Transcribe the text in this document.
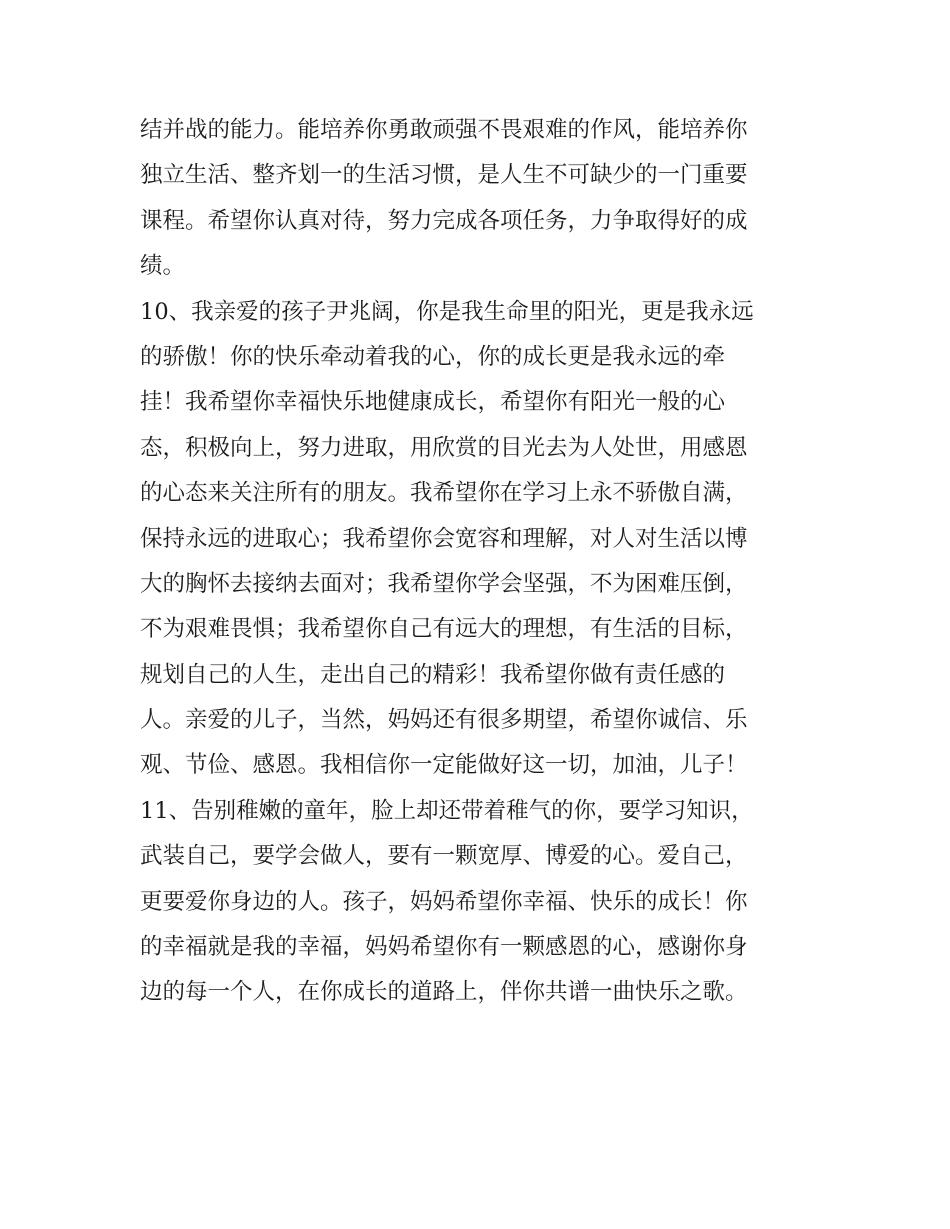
结并战的能力。能培养你勇敢顽强不畏艰难的作风，能培养你
独立生活、整齐划一的生活习惯，是人生不可缺少的一门重要
课程。希望你认真对待，努力完成各项任务，力争取得好的成
绩。
10、我亲爱的孩子尹兆阔，你是我生命里的阳光，更是我永远
的骄傲！你的快乐牵动着我的心，你的成长更是我永远的牵
挂！我希望你幸福快乐地健康成长，希望你有阳光一般的心
态，积极向上，努力进取，用欣赏的目光去为人处世，用感恩
的心态来关注所有的朋友。我希望你在学习上永不骄傲自满，
保持永远的进取心；我希望你会宽容和理解，对人对生活以博
大的胸怀去接纳去面对；我希望你学会坚强，不为困难压倒，
不为艰难畏惧；我希望你自己有远大的理想，有生活的目标，
规划自己的人生，走出自己的精彩！我希望你做有责任感的
人。亲爱的儿子，当然，妈妈还有很多期望，希望你诚信、乐
观、节俭、感恩。我相信你一定能做好这一切，加油，儿子！
11、告别稚嫩的童年，脸上却还带着稚气的你，要学习知识，
武装自己，要学会做人，要有一颗宽厚、博爱的心。爱自己，
更要爱你身边的人。孩子，妈妈希望你幸福、快乐的成长！你
的幸福就是我的幸福，妈妈希望你有一颗感恩的心，感谢你身
边的每一个人，在你成长的道路上，伴你共谱一曲快乐之歌。
